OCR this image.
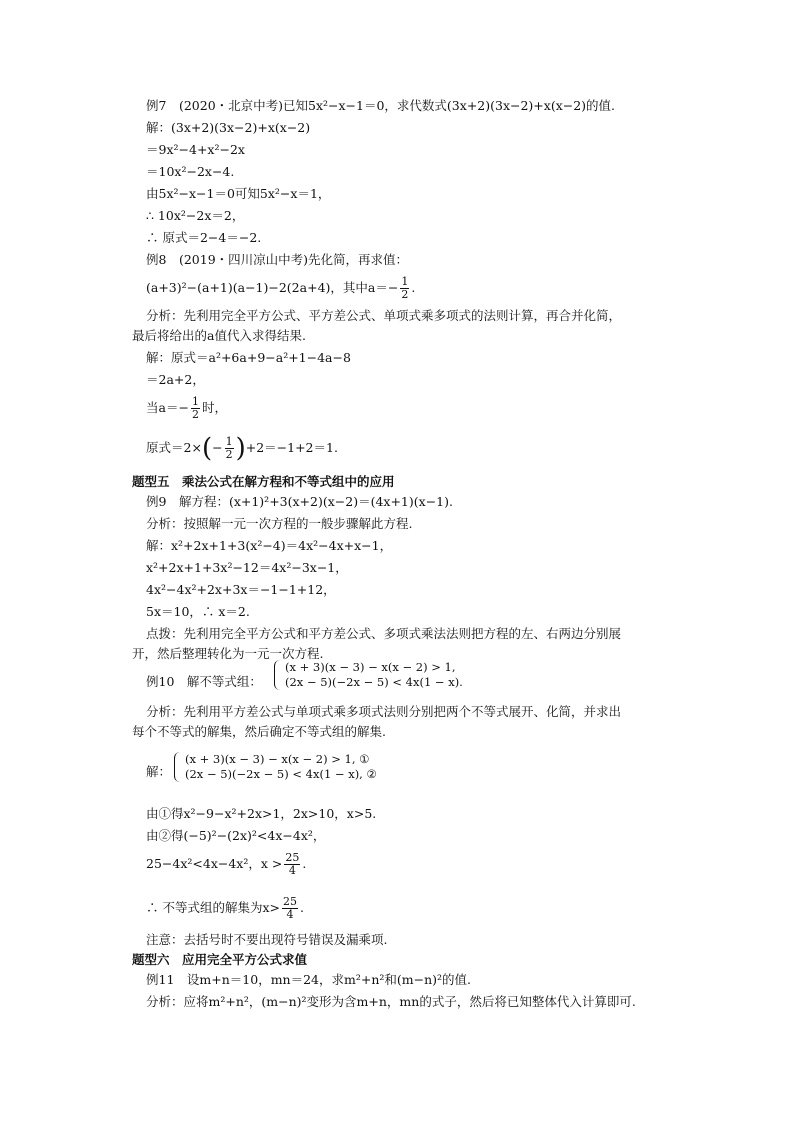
例7　(2020・北京中考)已知5x²−x−1＝0，求代数式(3x+2)(3x−2)+x(x−2)的值.
解：(3x+2)(3x−2)+x(x−2)
＝9x²−4+x²−2x
＝10x²−2x−4.
由5x²−x−1＝0可知5x²−x＝1，
∴ 10x²−2x＝2，
∴ 原式＝2−4＝−2.
例8　(2019・四川凉山中考)先化简，再求值：
(a+3)²−(a+1)(a−1)−2(2a+4)，其中$a=- \frac{1}{2}$ .
分析：先利用完全平方公式、平方差公式、单项式乘多项式的法则计算，再合并化简，
最后将给出的a值代入求得结果.
解：原式＝a²+6a+9−a²+1−4a−8
＝2a+2，
当$a=- \frac{1}{2}$ 时，
原式$=2\times(- \frac{1}{2} )+2=-1+2=1$.
题型五　乘法公式在解方程和不等式组中的应用
例9　解方程：(x+1)²+3(x+2)(x−2)＝(4x+1)(x−1).
分析：按照解一元一次方程的一般步骤解此方程.
解：x²+2x+1+3(x²−4)＝4x²−4x+x−1，
x²+2x+1+3x²−12＝4x²−3x−1，
4x²−4x²+2x+3x＝−1−1+12，
5x＝10，∴ x＝2.
点拨：先利用完全平方公式和平方差公式、多项式乘法法则把方程的左、右两边分别展
开，然后整理转化为一元一次方程.
例10　解不等式组：
(x + 3)(x − 3) − x(x − 2) > 1,
(2x − 5)(−2x − 5) < 4x(1 − x).
分析：先利用平方差公式与单项式乘多项式法则分别把两个不等式展开、化简，并求出
每个不等式的解集，然后确定不等式组的解集.
解：
(x + 3)(x − 3) − x(x − 2) > 1, ①
(2x − 5)(−2x − 5) < 4x(1 − x), ②
由①得x²−9−x²+2x>1，2x>10，x>5.
由②得(−5)²−(2x)²<4x−4x²，
25−4x²<4x−4x²，$x > \frac{25}{4}$ .
∴ 不等式组的解集为$x> \frac{25}{4}$ .
注意：去括号时不要出现符号错误及漏乘项.
题型六　应用完全平方公式求值
例11　设m+n＝10，mn＝24，求m²+n²和(m−n)²的值.
分析：应将m²+n²，(m−n)²变形为含m+n，mn的式子，然后将已知整体代入计算即可.
